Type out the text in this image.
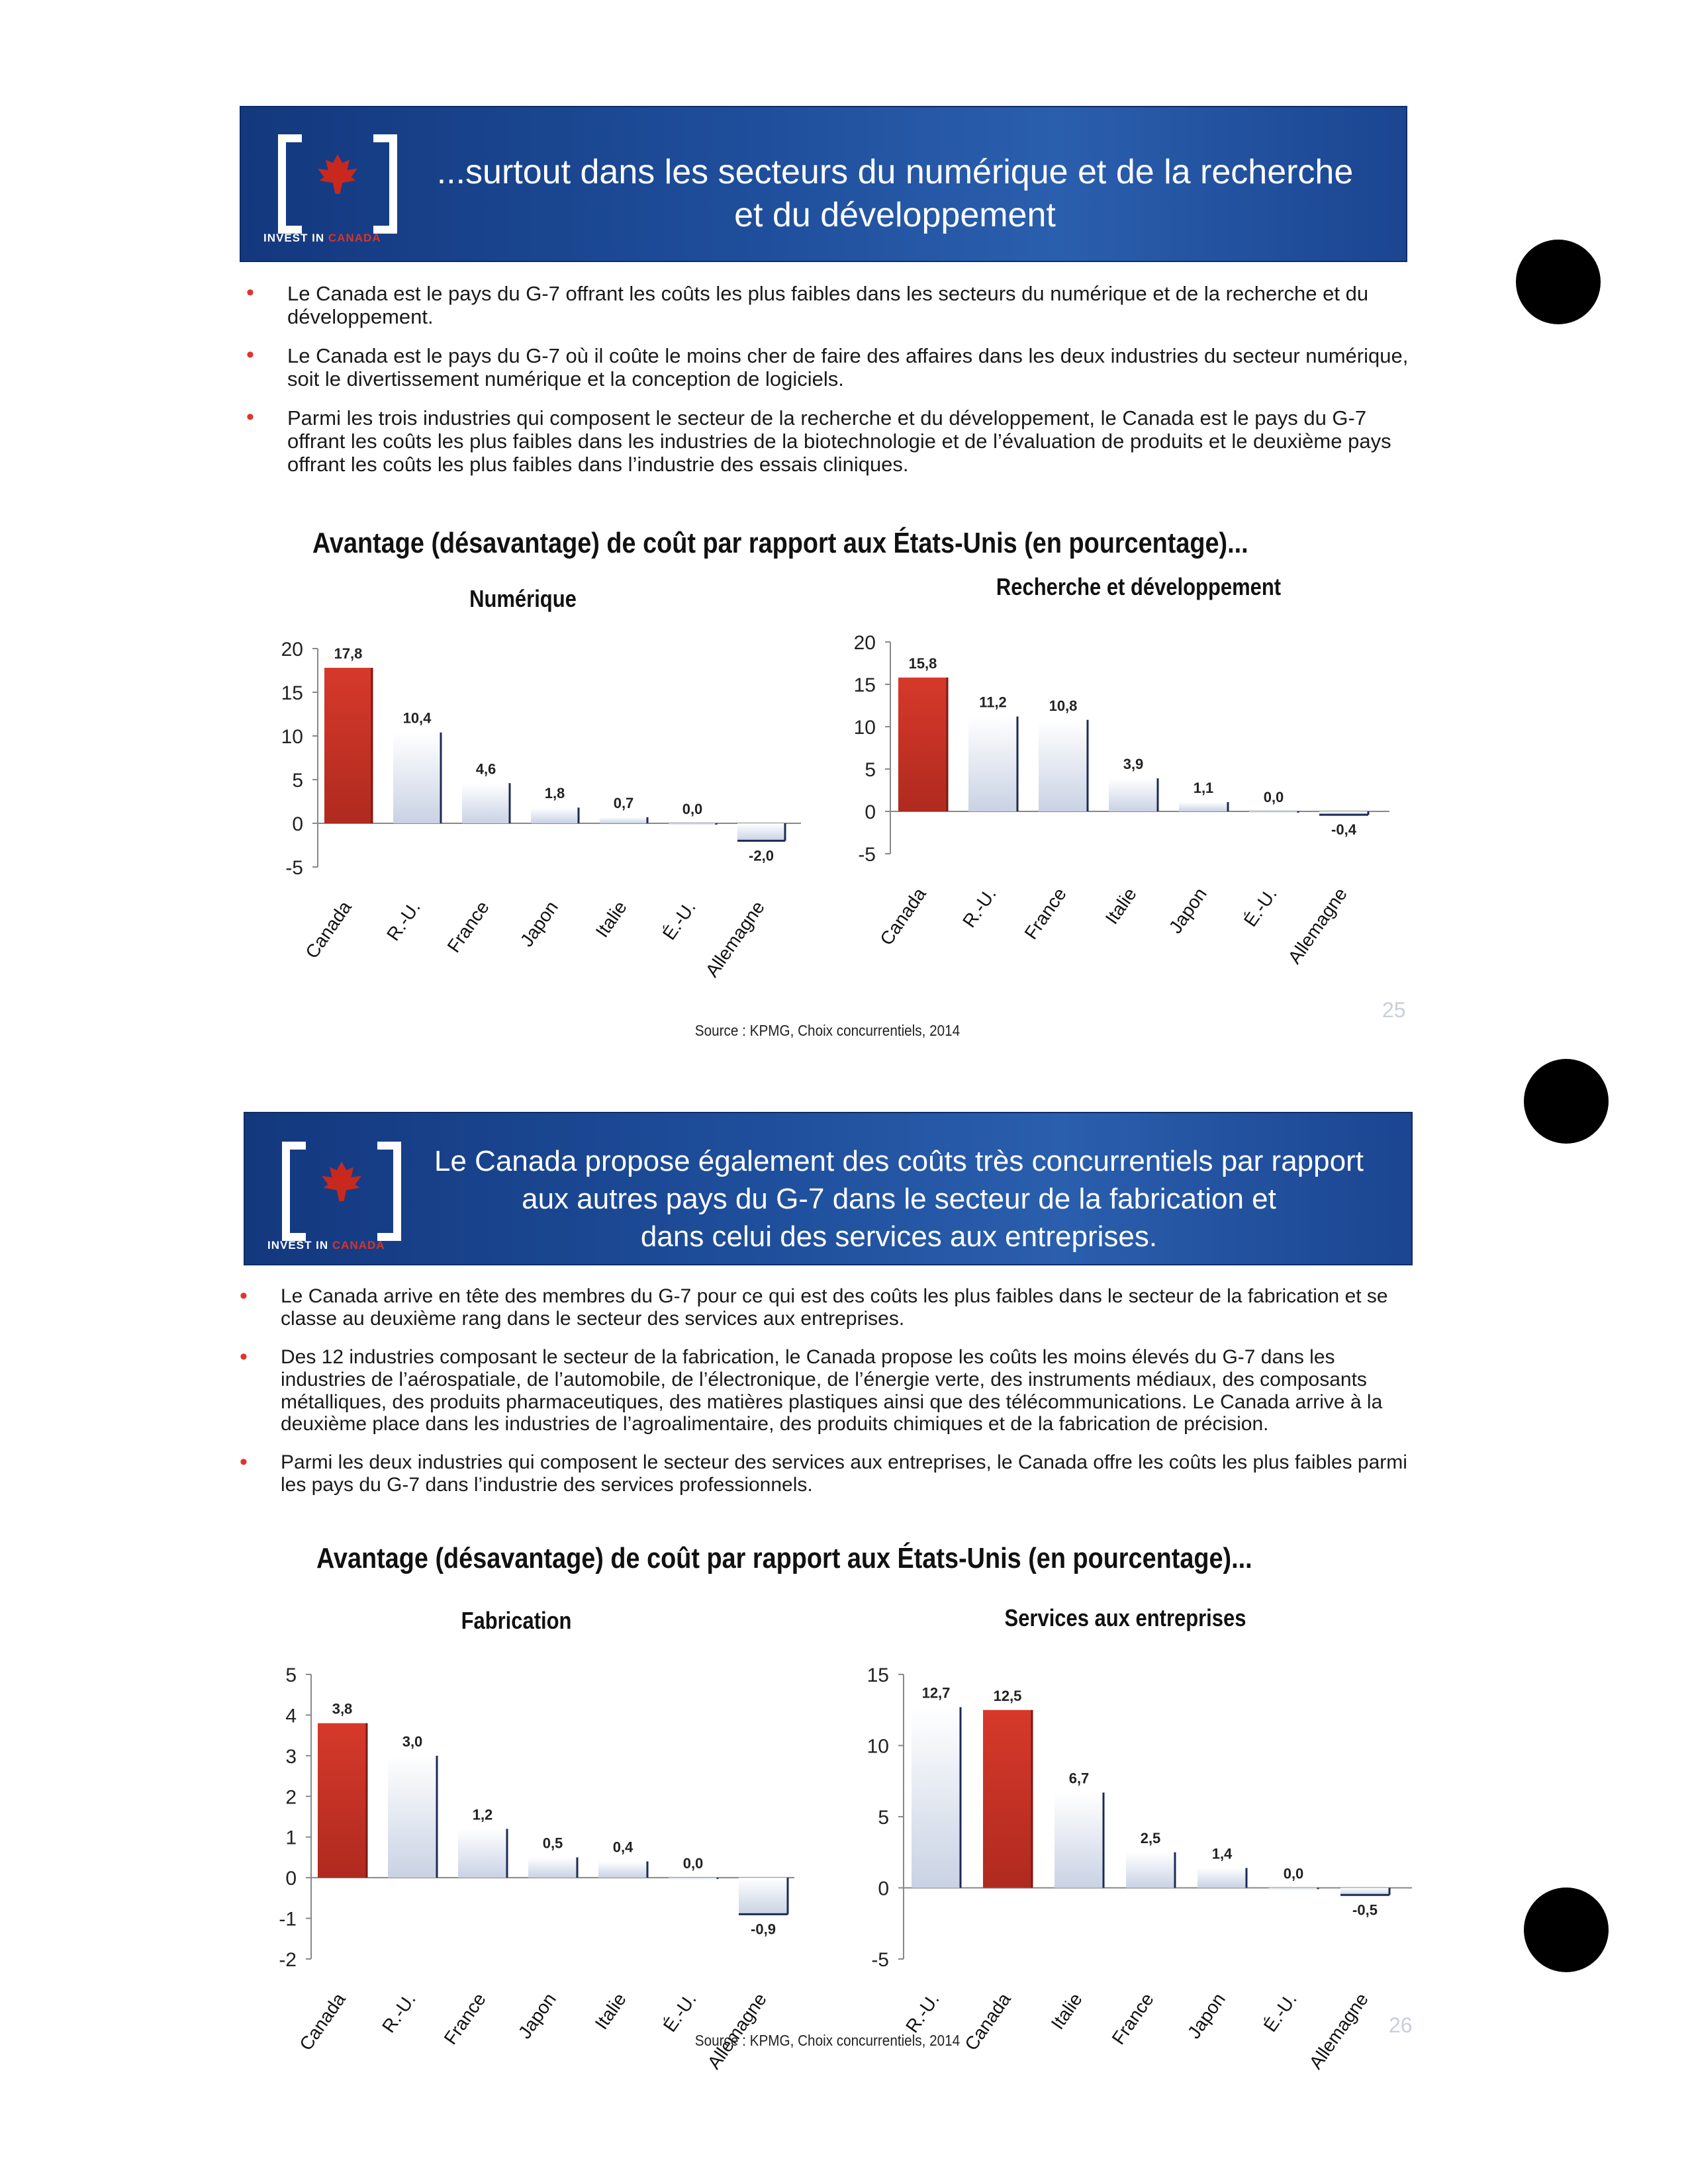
INVEST IN CANADA
...surtout dans les secteurs du numérique et de la recherche
et du développement
• Le Canada est le pays du G-7 offrant les coûts les plus faibles dans les secteurs du numérique et de la recherche et du développement.
• Le Canada est le pays du G-7 où il coûte le moins cher de faire des affaires dans les deux industries du secteur numérique, soit le divertissement numérique et la conception de logiciels.
• Parmi les trois industries qui composent le secteur de la recherche et du développement, le Canada est le pays du G-7 offrant les coûts les plus faibles dans les industries de la biotechnologie et de l’évaluation de produits et le deuxième pays offrant les coûts les plus faibles dans l’industrie des essais cliniques.
Avantage (désavantage) de coût par rapport aux États-Unis (en pourcentage)...
Numérique	Recherche et développement
20
15
10
5
0
-5
17,8
Canada
10,4
R.-U.
4,6
France
1,8
Japon
0,7
Italie
0,0
É.-U.
-2,0
Allemagne
20
15
10
5
0
-5
15,8
Canada
11,2
R.-U.
10,8
France
3,9
Italie
1,1
Japon
0,0
É.-U.
-0,4
Allemagne
Source : KPMG, Choix concurrentiels, 2014
25
INVEST IN CANADA
Le Canada propose également des coûts très concurrentiels par rapport
aux autres pays du G-7 dans le secteur de la fabrication et
dans celui des services aux entreprises.
• Le Canada arrive en tête des membres du G-7 pour ce qui est des coûts les plus faibles dans le secteur de la fabrication et se classe au deuxième rang dans le secteur des services aux entreprises.
• Des 12 industries composant le secteur de la fabrication, le Canada propose les coûts les moins élevés du G-7 dans les industries de l’aérospatiale, de l’automobile, de l’électronique, de l’énergie verte, des instruments médiaux, des composants métalliques, des produits pharmaceutiques, des matières plastiques ainsi que des télécommunications. Le Canada arrive à la deuxième place dans les industries de l’agroalimentaire, des produits chimiques et de la fabrication de précision.
• Parmi les deux industries qui composent le secteur des services aux entreprises, le Canada offre les coûts les plus faibles parmi les pays du G-7 dans l’industrie des services professionnels.
Avantage (désavantage) de coût par rapport aux États-Unis (en pourcentage)...
Fabrication	Services aux entreprises
5
4
3
2
1
0
-1
-2
3,8
Canada
3,0
R.-U.
1,2
France
0,5
Japon
0,4
Italie
0,0
É.-U.
-0,9
Allemagne
15
10
5
0
-5
12,7
R.-U.
12,5
Canada
6,7
Italie
2,5
France
1,4
Japon
0,0
É.-U.
-0,5
Allemagne
Source : KPMG, Choix concurrentiels, 2014
26
